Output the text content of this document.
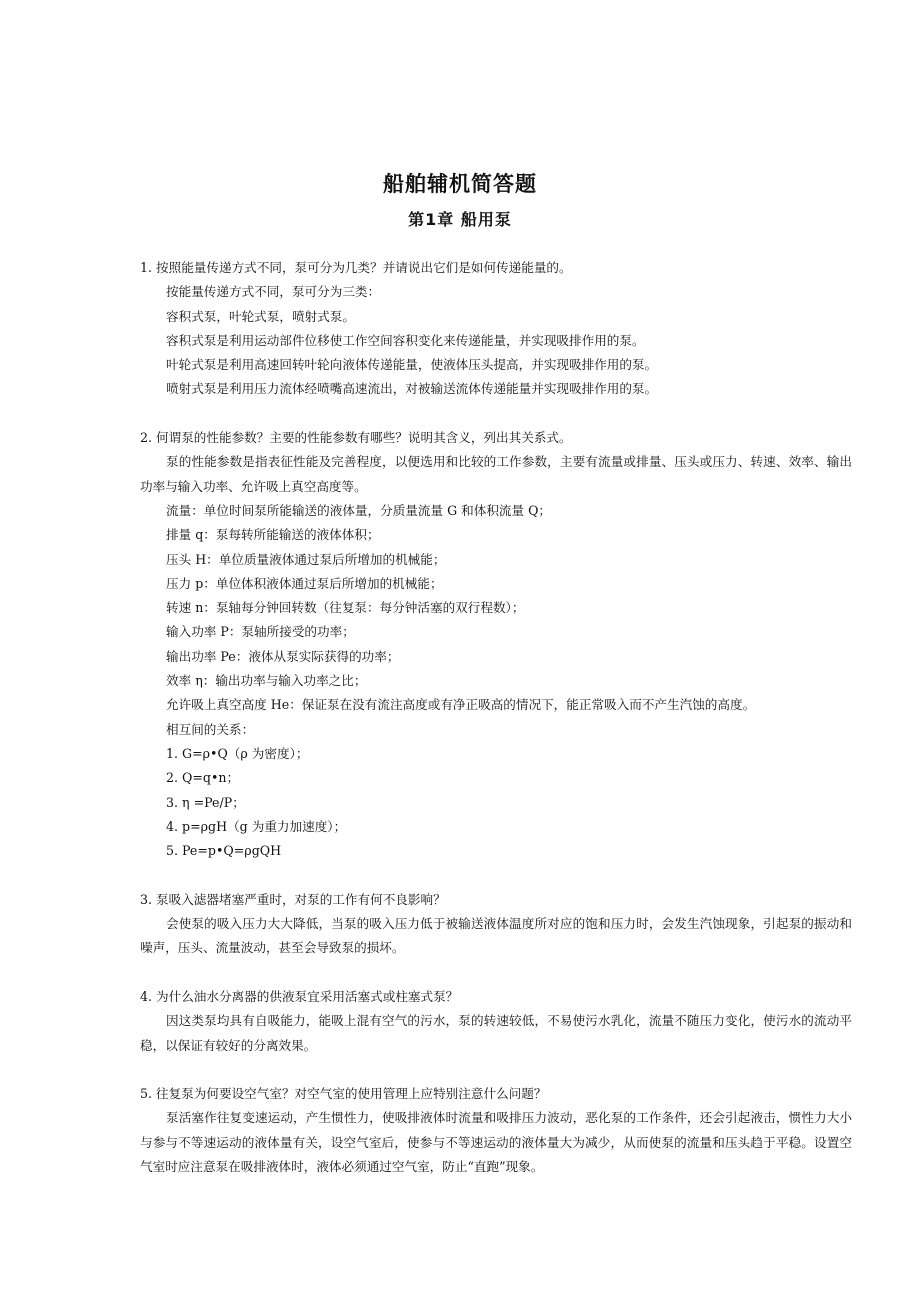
船舶辅机简答题
第1章 船用泵
1. 按照能量传递方式不同，泵可分为几类？并请说出它们是如何传递能量的。
按能量传递方式不同，泵可分为三类：
容积式泵，叶轮式泵，喷射式泵。
容积式泵是利用运动部件位移使工作空间容积变化来传递能量，并实现吸排作用的泵。
叶轮式泵是利用高速回转叶轮向液体传递能量，使液体压头提高，并实现吸排作用的泵。
喷射式泵是利用压力流体经喷嘴高速流出，对被输送流体传递能量并实现吸排作用的泵。
2. 何谓泵的性能参数？主要的性能参数有哪些？说明其含义，列出其关系式。
泵的性能参数是指表征性能及完善程度，以便选用和比较的工作参数，主要有流量或排量、压头或压力、转速、效率、输出功率与输入功率、允许吸上真空高度等。
流量：单位时间泵所能输送的液体量，分质量流量 G 和体积流量 Q；
排量 q：泵每转所能输送的液体体积；
压头 H：单位质量液体通过泵后所增加的机械能；
压力 p：单位体积液体通过泵后所增加的机械能；
转速 n：泵轴每分钟回转数（往复泵：每分钟活塞的双行程数）；
输入功率 P：泵轴所接受的功率；
输出功率 Pe：液体从泵实际获得的功率；
效率 η：输出功率与输入功率之比；
允许吸上真空高度 He：保证泵在没有流注高度或有净正吸高的情况下，能正常吸入而不产生汽蚀的高度。
相互间的关系：
1. G=ρ•Q（ρ 为密度）；
2. Q=q•n；
3. η =Pe/P；
4. p=ρgH（g 为重力加速度）；
5. Pe=p•Q=ρgQH
3. 泵吸入滤器堵塞严重时，对泵的工作有何不良影响？
会使泵的吸入压力大大降低，当泵的吸入压力低于被输送液体温度所对应的饱和压力时，会发生汽蚀现象，引起泵的振动和噪声，压头、流量波动，甚至会导致泵的损坏。
4. 为什么油水分离器的供液泵宜采用活塞式或柱塞式泵？
因这类泵均具有自吸能力，能吸上混有空气的污水，泵的转速较低，不易使污水乳化，流量不随压力变化，使污水的流动平稳，以保证有较好的分离效果。
5. 往复泵为何要设空气室？对空气室的使用管理上应特别注意什么问题？
泵活塞作往复变速运动，产生惯性力，使吸排液体时流量和吸排压力波动，恶化泵的工作条件，还会引起液击，惯性力大小与参与不等速运动的液体量有关，设空气室后，使参与不等速运动的液体量大为减少，从而使泵的流量和压头趋于平稳。设置空气室时应注意泵在吸排液体时，液体必须通过空气室，防止“直跑”现象。
